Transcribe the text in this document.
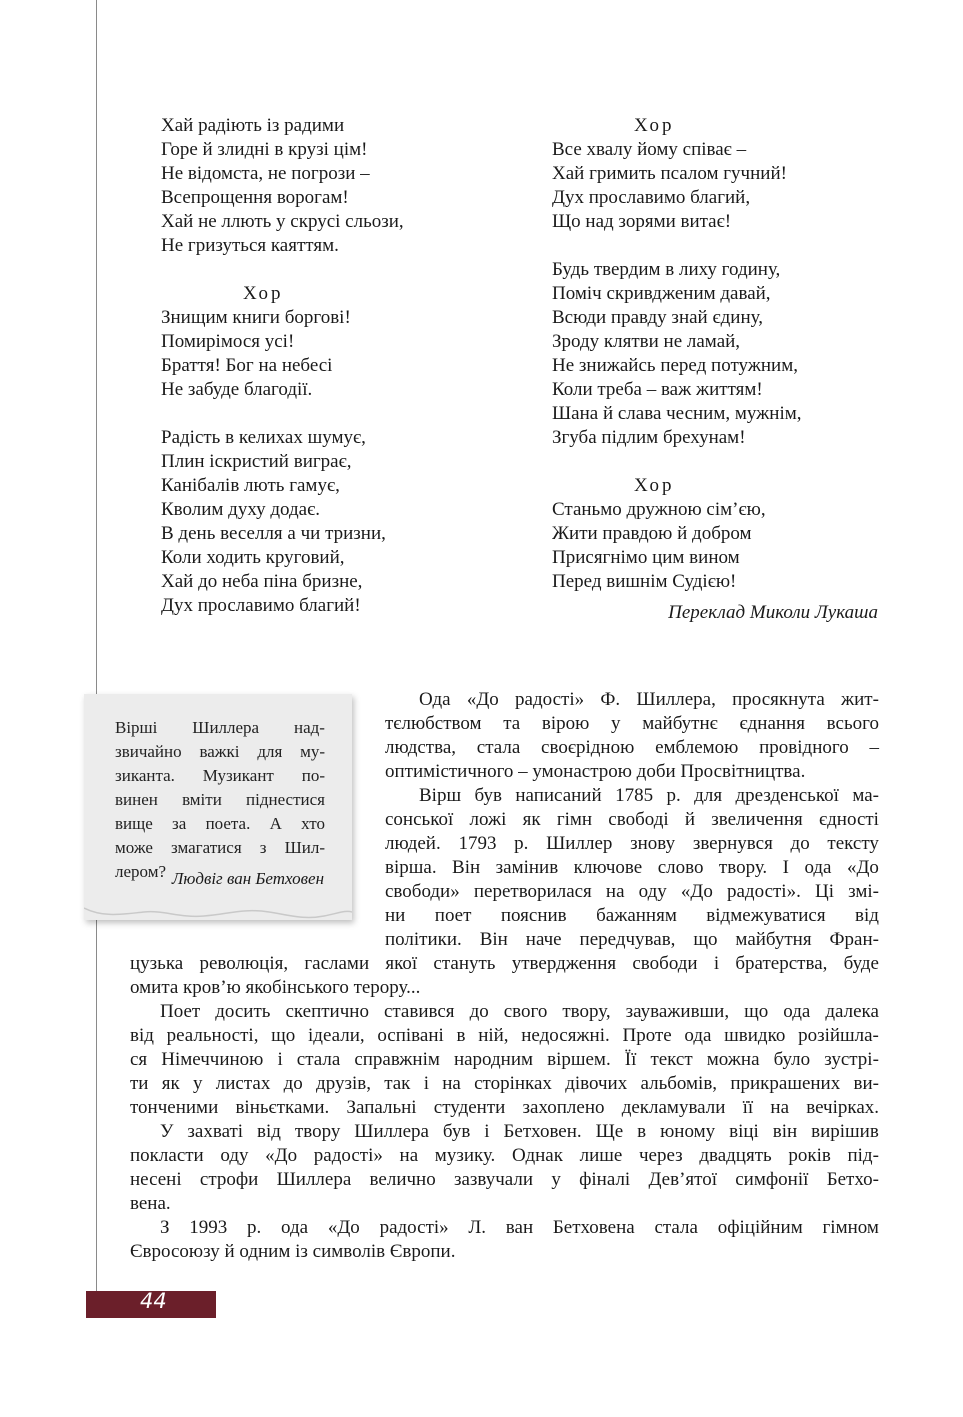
Хай радіють із радими
Горе й злидні в крузі цім!
Не відомста, не погрози –
Всепрощення ворогам!
Хай не ллють у скрусі сльози,
Не гризуться каяттям.
Хор
Знищим книги боргові!
Помирімося усі!
Браття! Бог на небесі
Не забуде благодії.
Радість в келихах шумує,
Плин іскристий виграє,
Канібалів лють гамує,
Кволим духу додає.
В день веселля а чи тризни,
Коли ходить круговий,
Хай до неба піна бризне,
Дух прославимо благий!
Хор
Все хвалу йому співає –
Хай гримить псалом гучний!
Дух прославимо благий,
Що над зорями витає!
Будь твердим в лиху годину,
Поміч скривдженим давай,
Всюди правду знай єдину,
Зроду клятви не ламай,
Не знижайсь перед потужним,
Коли треба – важ життям!
Шана й слава чесним, мужнім,
Згуба підлим брехунам!
Хор
Станьмо дружною сім’єю,
Жити правдою й добром
Присягнімо цим вином
Перед вишнім Судією!
Переклад Миколи Лукаша
Вірші Шиллера над-
звичайно важкі для му-
зиканта. Музикант по-
винен вміти піднестися
вище за поета. А хто
може змагатися з Шил-
лером? Людвіг ван Бетховен
Ода «До радості» Ф. Шиллера, просякнута жит-
тєлюбством та вірою у майбутнє єднання всього
людства, стала своєрідною емблемою провідного –
оптимістичного – умонастрою доби Просвітництва.
Вірш був написаний 1785 р. для дрезденської ма-
сонської ложі як гімн свободі й звеличення єдності
людей. 1793 р. Шиллер знову звернувся до тексту
вірша. Він замінив ключове слово твору. І ода «До
свободи» перетворилася на оду «До радості». Ці змі-
ни поет пояснив бажанням відмежуватися від
політики. Він наче передчував, що майбутня Фран-
цузька революція, гаслами якої стануть утвердження свободи і братерства, буде
омита кров’ю якобінського терору...
Поет досить скептично ставився до свого твору, зауваживши, що ода далека
від реальності, що ідеали, оспівані в ній, недосяжні. Проте ода швидко розійшла-
ся Німеччиною і стала справжнім народним віршем. Її текст можна було зустрі-
ти як у листах до друзів, так і на сторінках дівочих альбомів, прикрашених ви-
тонченими віньєтками. Запальні студенти захоплено декламували її на вечірках.
У захваті від твору Шиллера був і Бетховен. Ще в юному віці він вирішив
покласти оду «До радості» на музику. Однак лише через двадцять років під-
несені строфи Шиллера велично зазвучали у фіналі Дев’ятої симфонії Бетхо-
вена.
З 1993 р. ода «До радості» Л. ван Бетховена стала офіційним гімном
Євросоюзу й одним із символів Європи.
44
